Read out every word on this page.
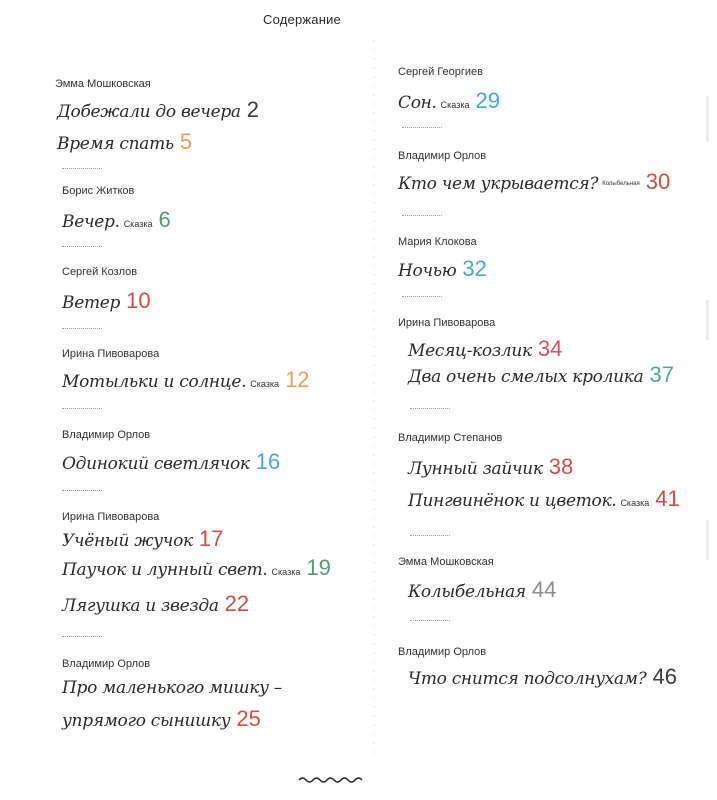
Содержание
Эмма Мошковская
Добежали до вечера 2
Время спать 5
Борис Житков
Вечер. Сказка 6
Сергей Козлов
Ветер 10
Ирина Пивоварова
Мотыльки и солнце. Сказка 12
Владимир Орлов
Одинокий светлячок 16
Ирина Пивоварова
Учёный жучок 17
Паучок и лунный свет. Сказка 19
Лягушка и звезда 22
Владимир Орлов
Про маленького мишку –
упрямого сынишку 25
Сергей Георгиев
Сон. Сказка 29
Владимир Орлов
Кто чем укрывается? $^{Колыбельная}$ 30
Мария Клокова
Ночью 32
Ирина Пивоварова
Месяц-козлик 34
Два очень смелых кролика 37
Владимир Степанов
Лунный зайчик 38
Пингвинёнок и цветок. Сказка 41
Эмма Мошковская
Колыбельная 44
Владимир Орлов
Что снится подсолнухам? 46
